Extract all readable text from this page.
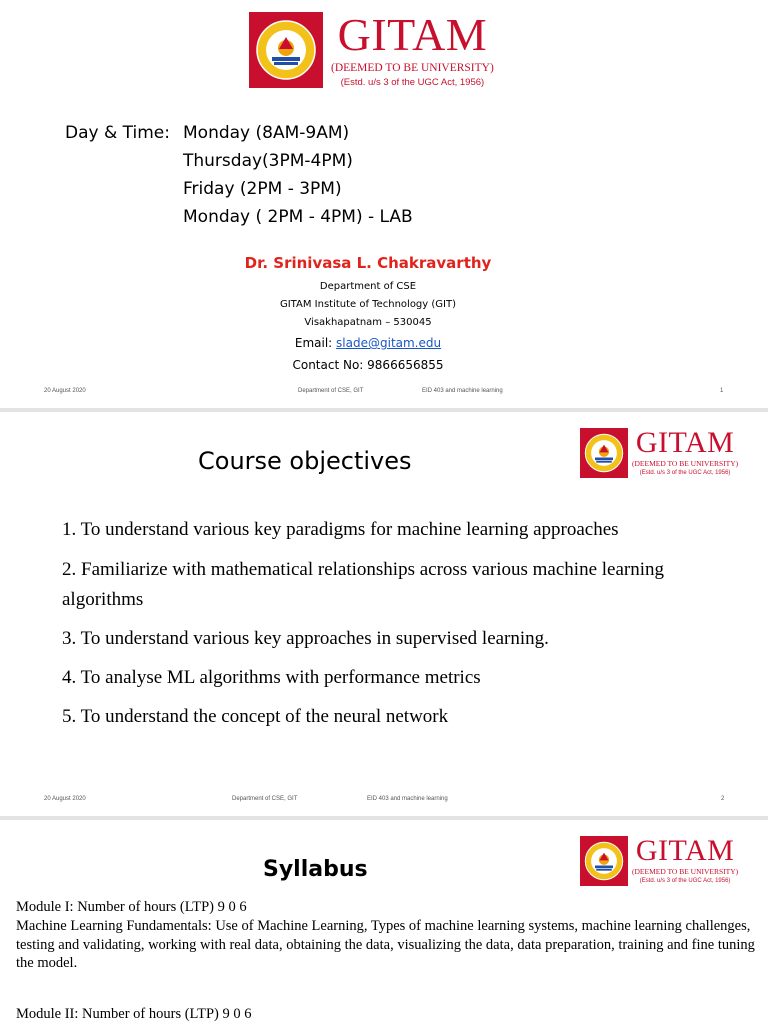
GITAM
(DEEMED TO BE UNIVERSITY)
(Estd. u/s 3 of the UGC Act, 1956)
Day & Time: Monday (8AM-9AM)
Thursday(3PM-4PM)
Friday (2PM - 3PM)
Monday ( 2PM - 4PM) - LAB
Dr. Srinivasa L. Chakravarthy
Department of CSE
GITAM Institute of Technology (GIT)
Visakhapatnam – 530045
Email: slade@gitam.edu
Contact No: 9866656855
20 August 2020	Department of CSE, GIT	EID 403 and machine learning	1
Course objectives
GITAM
(DEEMED TO BE UNIVERSITY)
(Estd. u/s 3 of the UGC Act, 1956)
1. To understand various key paradigms for machine learning approaches
2. Familiarize with mathematical relationships across various machine learning algorithms
3. To understand various key approaches in supervised learning.
4. To analyse ML algorithms with performance metrics
5. To understand the concept of the neural network
20 August 2020	Department of CSE, GIT	EID 403 and machine learning	2
Syllabus
GITAM
(DEEMED TO BE UNIVERSITY)
(Estd. u/s 3 of the UGC Act, 1956)
Module I: Number of hours (LTP) 9 0 6
Machine Learning Fundamentals: Use of Machine Learning, Types of machine learning systems, machine learning challenges, testing and validating, working with real data, obtaining the data, visualizing the data, data preparation, training and fine tuning the model.
Module II: Number of hours (LTP) 9 0 6
